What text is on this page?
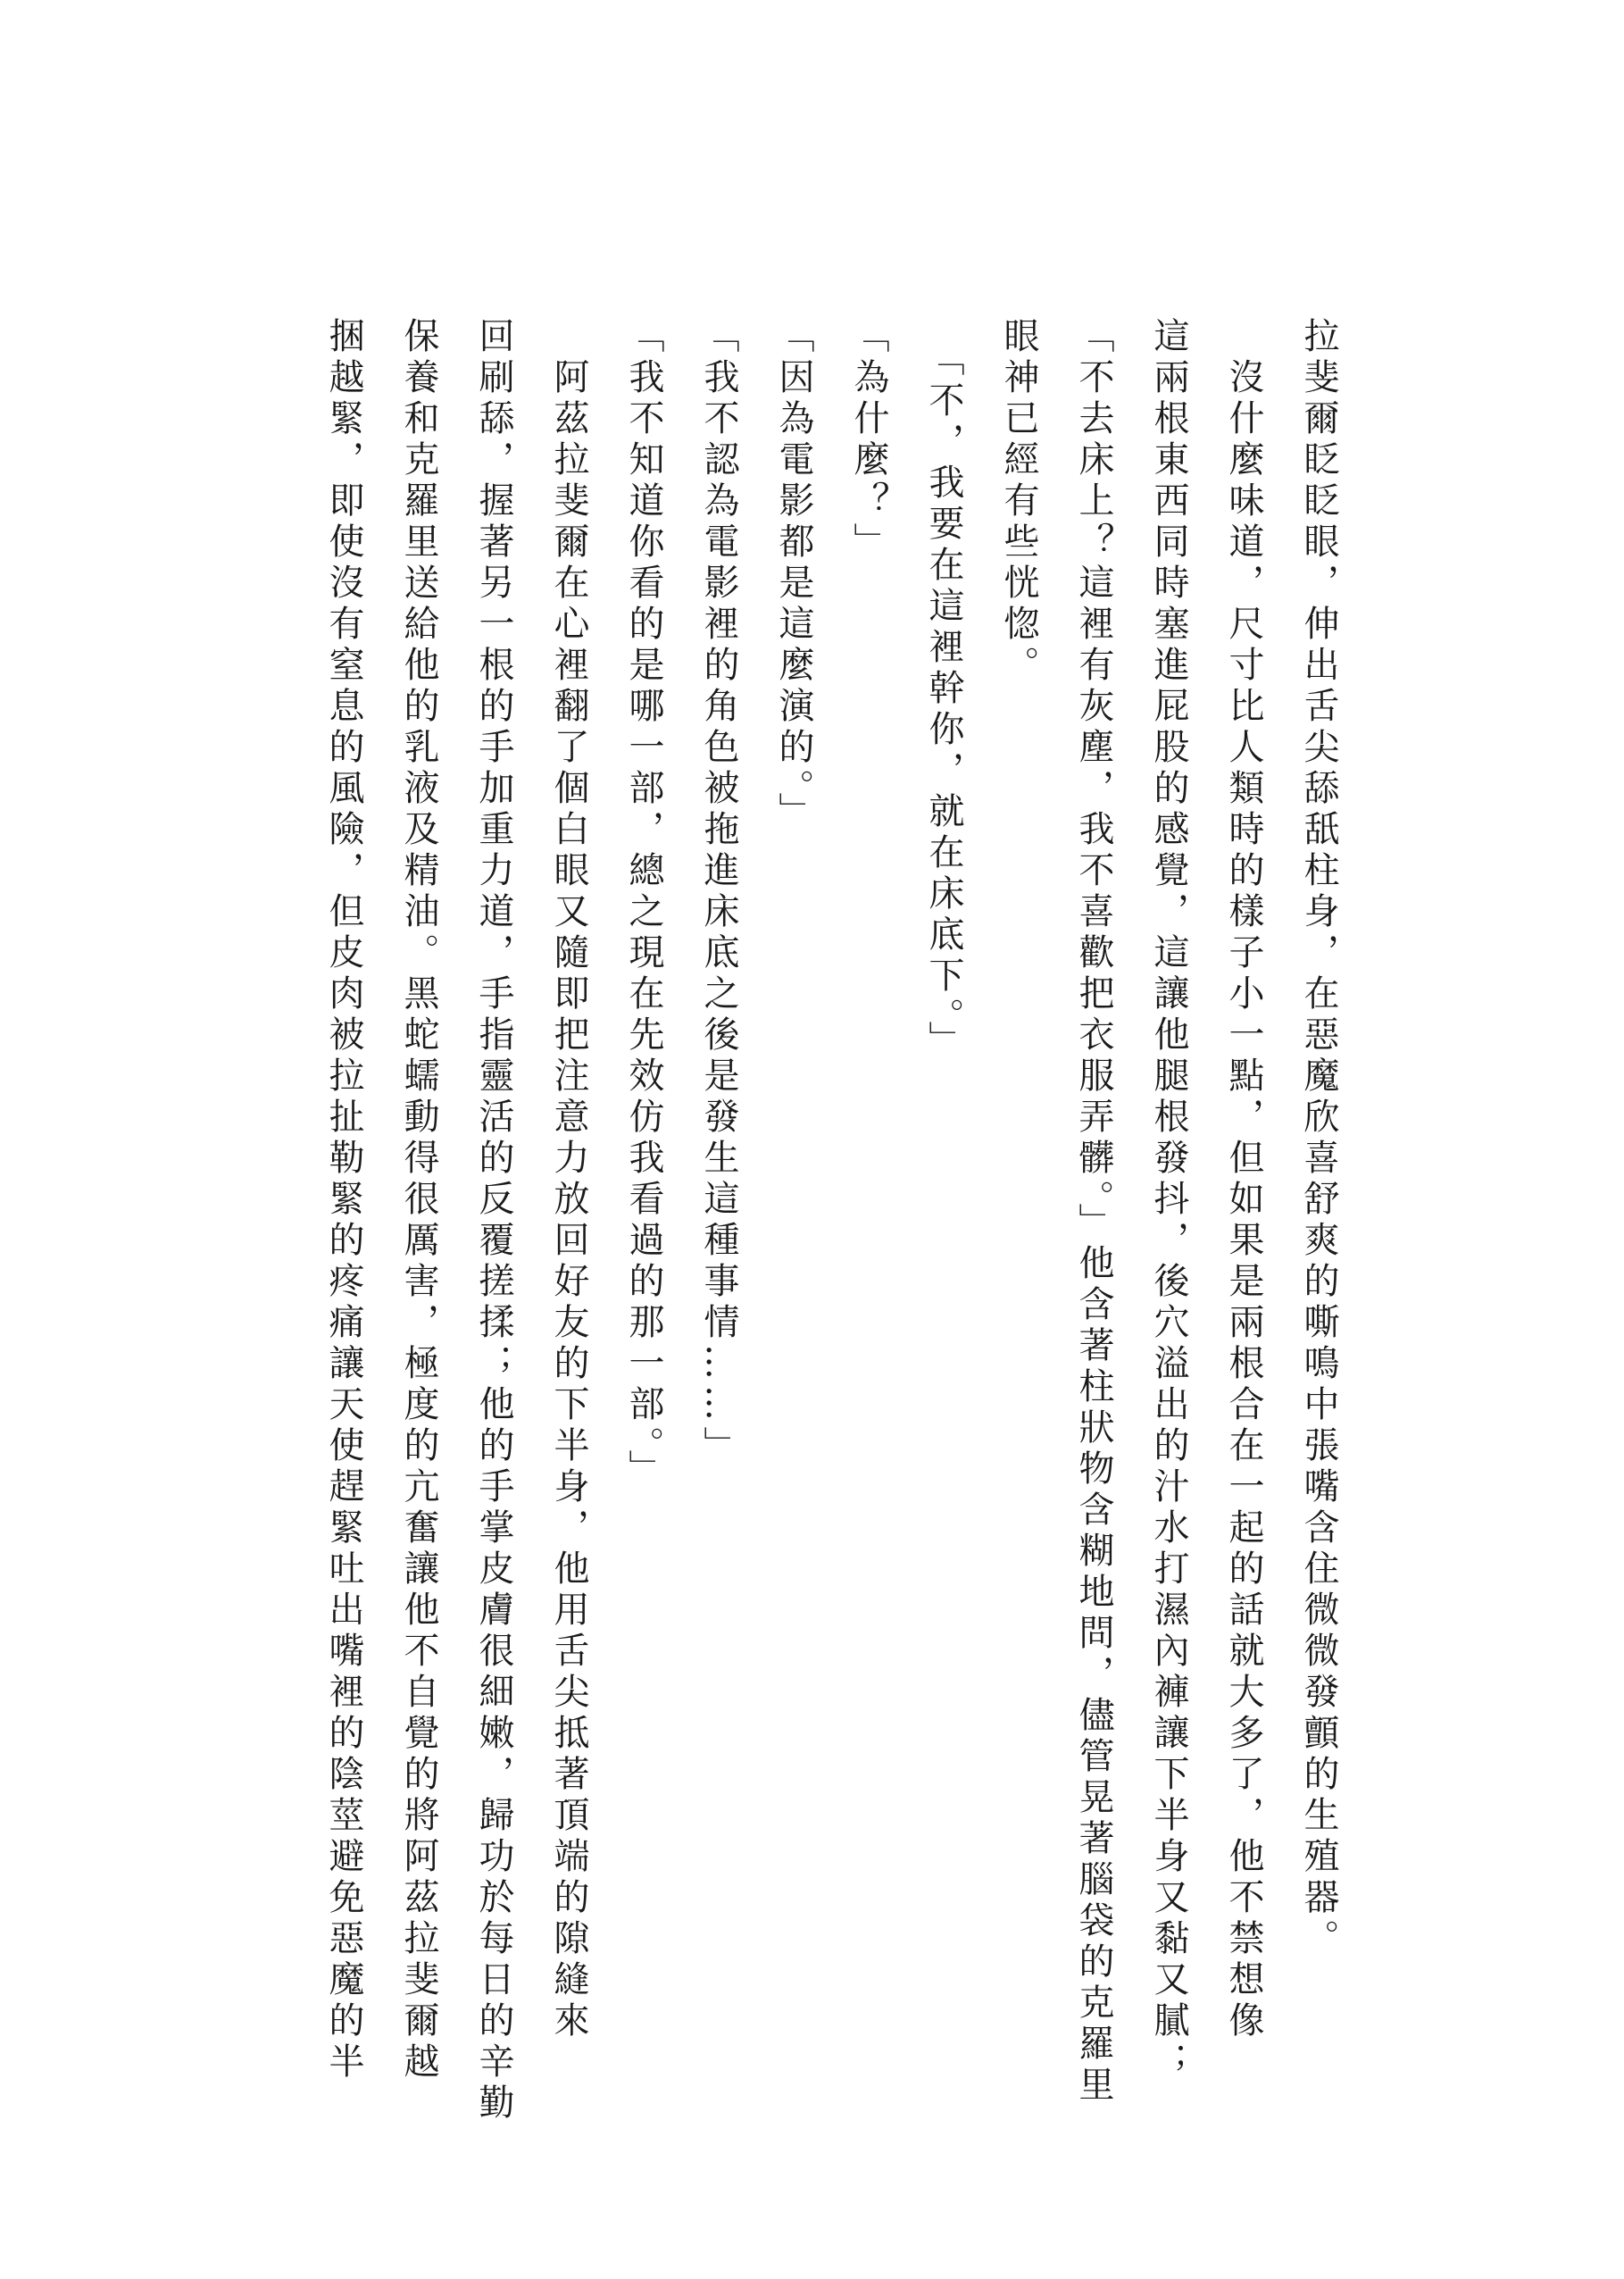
拉斐爾眨眨眼，伸出舌尖舔舐柱身，在惡魔欣喜舒爽的嘶鳴中張嘴含住微微發顫的生殖器。
　沒什麼味道，尺寸比人類時的樣子小一點，但如果是兩根合在一起的話就大多了，他不禁想像
這兩根東西同時塞進屁股的感覺，這讓他腿根發抖，後穴溢出的汁水打濕內褲讓下半身又黏又膩；
「不去床上？這裡有灰塵，我不喜歡把衣服弄髒。」他含著柱狀物含糊地問，儘管晃著腦袋的克羅里
眼神已經有些恍惚。
　「不，我要在這裡幹你，就在床底下。」
「為什麼？」
「因為電影都是這麼演的。」
「我不認為電影裡的角色被拖進床底之後是發生這種事情……」
「我不知道你看的是哪一部，總之現在先效仿我看過的那一部。」
　阿茲拉斐爾在心裡翻了個白眼又隨即把注意力放回好友的下半身，他用舌尖抵著頂端的隙縫來
回刷舔，握著另一根的手加重力道，手指靈活的反覆搓揉；他的手掌皮膚很細嫩，歸功於每日的辛勤
保養和克羅里送給他的乳液及精油。黑蛇蠕動得很厲害，極度的亢奮讓他不自覺的將阿茲拉斐爾越
捆越緊，即使沒有窒息的風險，但皮肉被拉扯勒緊的疼痛讓天使趕緊吐出嘴裡的陰莖避免惡魔的半
